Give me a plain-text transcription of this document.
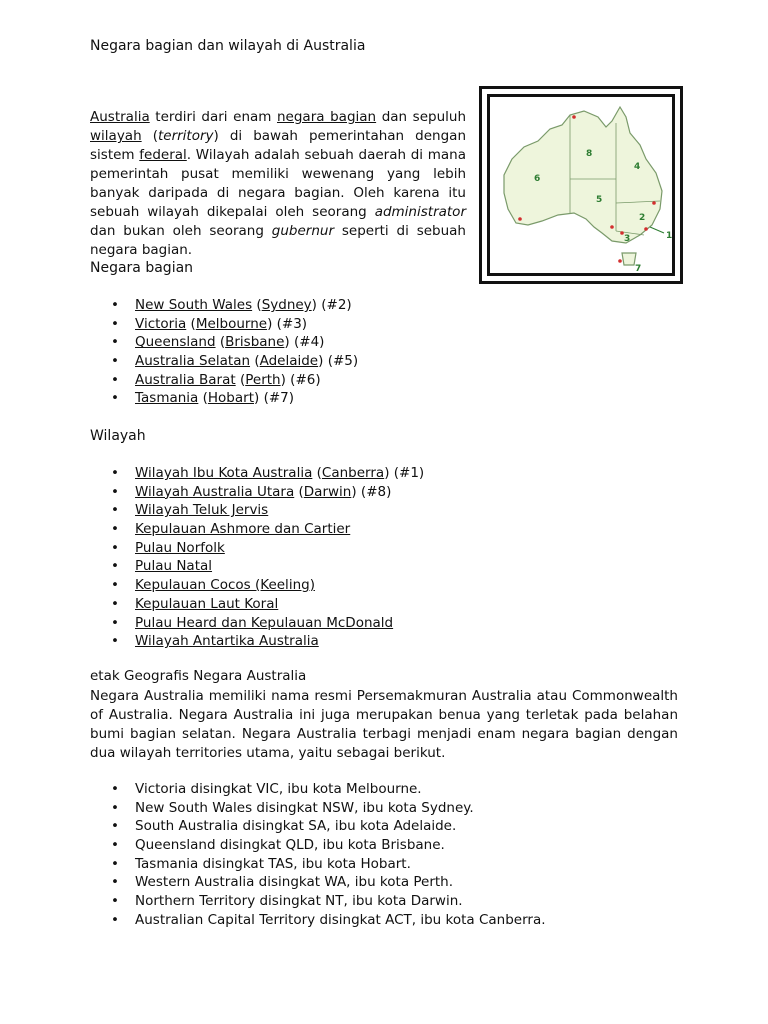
Negara bagian dan wilayah di Australia
Australia terdiri dari enam negara bagian dan sepuluh wilayah (territory) di bawah pemerintahan dengan sistem federal. Wilayah adalah sebuah daerah di mana pemerintah pusat memiliki wewenang yang lebih banyak daripada di negara bagian. Oleh karena itu sebuah wilayah dikepalai oleh seorang administrator dan bukan oleh seorang gubernur seperti di sebuah negara bagian.
1
2
3
4
5
6
7
8
Negara bagian
• New South Wales (Sydney) (#2)
• Victoria (Melbourne) (#3)
• Queensland (Brisbane) (#4)
• Australia Selatan (Adelaide) (#5)
• Australia Barat (Perth) (#6)
• Tasmania (Hobart) (#7)
Wilayah
• Wilayah Ibu Kota Australia (Canberra) (#1)
• Wilayah Australia Utara (Darwin) (#8)
• Wilayah Teluk Jervis
• Kepulauan Ashmore dan Cartier
• Pulau Norfolk
• Pulau Natal
• Kepulauan Cocos (Keeling)
• Kepulauan Laut Koral
• Pulau Heard dan Kepulauan McDonald
• Wilayah Antartika Australia
etak Geografis Negara Australia
Negara Australia memiliki nama resmi Persemakmuran Australia atau Commonwealth of Australia. Negara Australia ini juga merupakan benua yang terletak pada belahan bumi bagian selatan. Negara Australia terbagi menjadi enam negara bagian dengan dua wilayah territories utama, yaitu sebagai berikut.
• Victoria disingkat VIC, ibu kota Melbourne.
• New South Wales disingkat NSW, ibu kota Sydney.
• South Australia disingkat SA, ibu kota Adelaide.
• Queensland disingkat QLD, ibu kota Brisbane.
• Tasmania disingkat TAS, ibu kota Hobart.
• Western Australia disingkat WA, ibu kota Perth.
• Northern Territory disingkat NT, ibu kota Darwin.
• Australian Capital Territory disingkat ACT, ibu kota Canberra.
